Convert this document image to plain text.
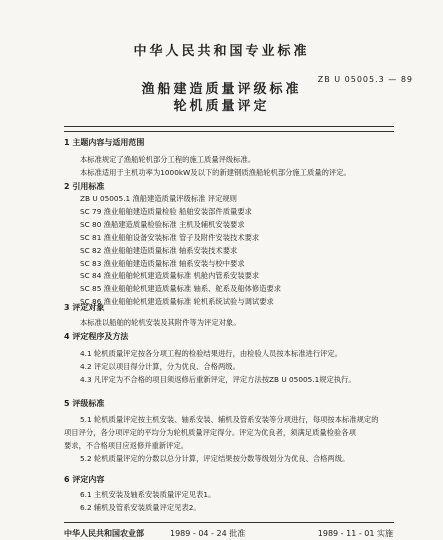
中华人民共和国专业标准
ZB U 05005.3 — 89
渔船建造质量评级标准
轮机质量评定
1 主题内容与适用范围
本标准规定了渔船轮机部分工程的施工质量评级标准。
本标准适用于主机功率为1000kW及以下的新建钢质渔船轮机部分施工质量的评定。
2 引用标准
ZB U 05005.1 渔船建造质量评级标准 评定规则
SC 79 渔业船舶建造质量检验 船舶安装部件质量要求
SC 80 渔船建造质量检验标准 主机及辅机安装要求
SC 81 渔业船舶设备安装标准 管子及附件安装技术要求
SC 82 渔业船舶建造质量标准 轴系安装技术要求
SC 83 渔业船舶建造质量标准 轴系安装与校中要求
SC 84 渔业船舶轮机建造质量标准 机舱内管系安装要求
SC 85 渔业船舶轮机建造质量标准 轴系、舵系及船体修造要求
SC 86 渔业船舶轮机建造质量标准 轮机系统试验与调试要求
3 评定对象
本标准以船舶的轮机安装及其附件等为评定对象。
4 评定程序及方法
4.1 轮机质量评定按各分项工程的检验结果进行，由检验人员按本标准进行评定。
4.2 评定以项目得分计算，分为优良、合格两级。
4.3 凡评定为不合格的项目须返修后重新评定，评定方法按ZB U 05005.1规定执行。
5 评级标准
5.1 轮机质量评定按主机安装、轴系安装、辅机及管系安装等分项进行，每项按本标准规定的
项目评分，各分项评定的平均分为轮机质量评定得分。评定为优良者，须满足质量检验各项
要求，不合格项目应返修并重新评定。
5.2 轮机质量评定的分数以总分计算，评定结果按分数等级划分为优良、合格两级。
6 评定内容
6.1 主机安装及轴系安装质量评定见表1。
6.2 辅机及管系安装质量评定见表2。
中华人民共和国农业部	1989 - 04 - 24 批准	1989 - 11 - 01 实施
